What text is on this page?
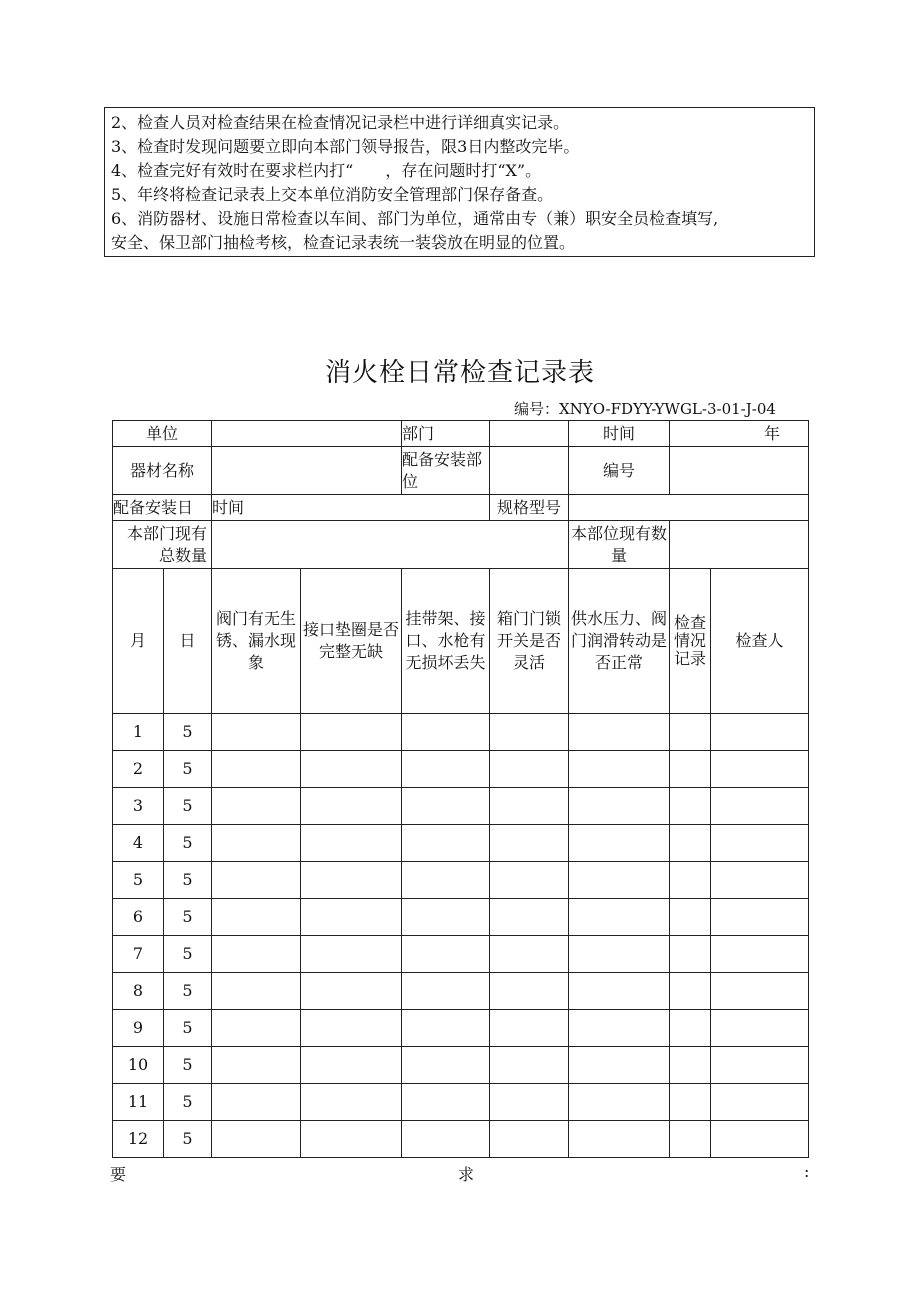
2、检查人员对检查结果在检查情况记录栏中进行详细真实记录。
3、检查时发现问题要立即向本部门领导报告，限3日内整改完毕。
4、检查完好有效时在要求栏内打“　　，存在问题时打“X”。
5、年终将检查记录表上交本单位消防安全管理部门保存备查。
6、消防器材、设施日常检查以车间、部门为单位，通常由专（兼）职安全员检查填写,
安全、保卫部门抽检考核，检查记录表统一装袋放在明显的位置。
消火栓日常检查记录表
编号：XNYO-FDYY-YWGL-3-01-J-04
单位				部门		时间	年	
器材名称				配备安装部位		编号		
配备安装日		时间			规格型号			
本部门现有总数量						本部位现有数量		
月	日	阀门有无生锈、漏水现象	接口垫圈是否完整无缺	挂带架、接口、水枪有无损坏丢失	箱门门锁开关是否灵活	供水压力、阀门润滑转动是否正常	检查情况记录	检查人
1	5							
2	5							
3	5							
4	5							
5	5							
6	5							
7	5							
8	5							
9	5							
10	5							
11	5							
12	5							
要	求	:
